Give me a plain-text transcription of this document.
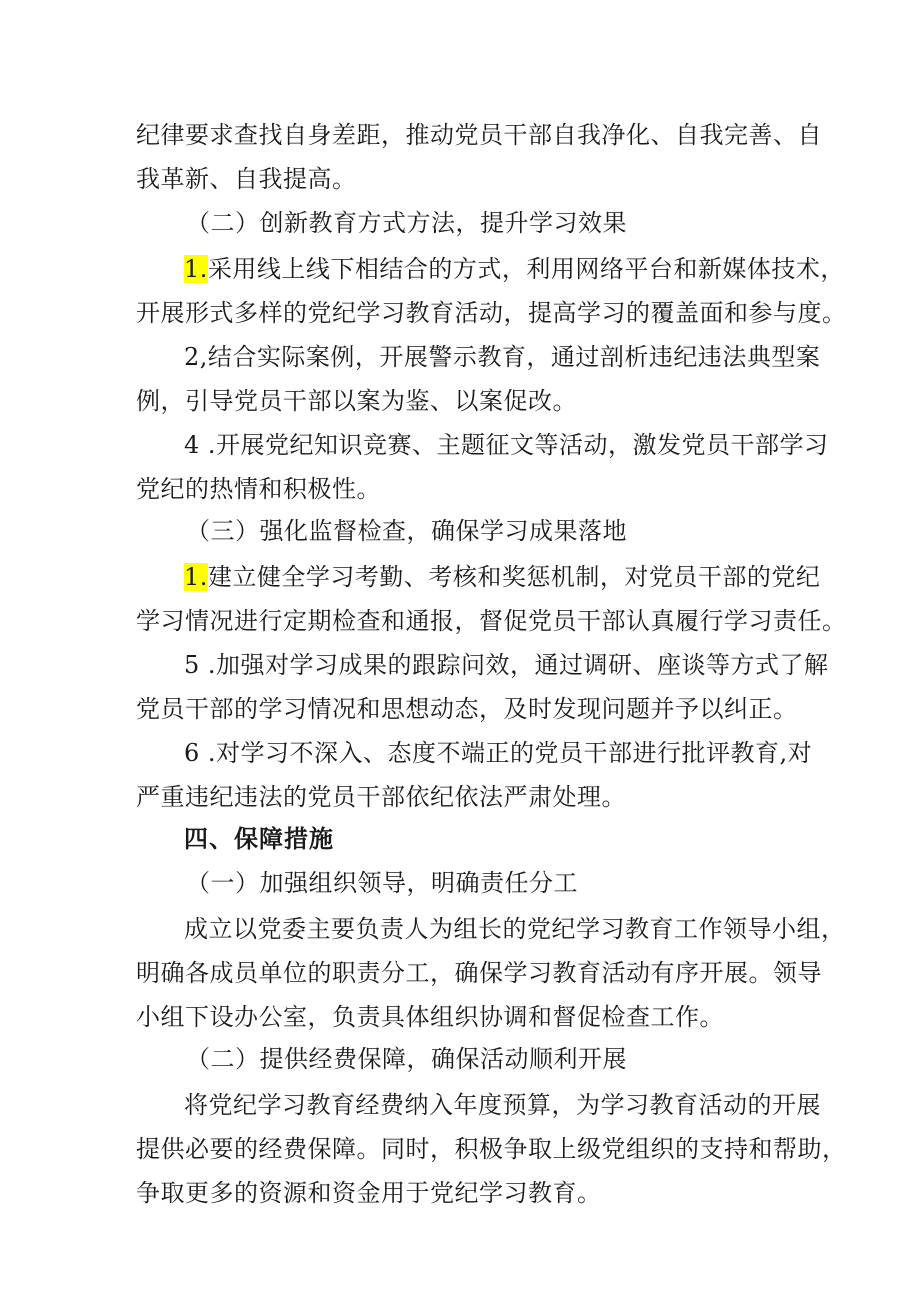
纪律要求查找自身差距，推动党员干部自我净化、自我完善、自
我革新、自我提高。
（二）创新教育方式方法，提升学习效果
1.采用线上线下相结合的方式，利用网络平台和新媒体技术，
开展形式多样的党纪学习教育活动，提高学习的覆盖面和参与度。
2,结合实际案例，开展警示教育，通过剖析违纪违法典型案
例，引导党员干部以案为鉴、以案促改。
4 .开展党纪知识竞赛、主题征文等活动，激发党员干部学习
党纪的热情和积极性。
（三）强化监督检查，确保学习成果落地
1.建立健全学习考勤、考核和奖惩机制，对党员干部的党纪
学习情况进行定期检查和通报，督促党员干部认真履行学习责任。
5 .加强对学习成果的跟踪问效，通过调研、座谈等方式了解
党员干部的学习情况和思想动态，及时发现问题并予以纠正。
6 .对学习不深入、态度不端正的党员干部进行批评教育,对
严重违纪违法的党员干部依纪依法严肃处理。
四、保障措施
（一）加强组织领导，明确责任分工
成立以党委主要负责人为组长的党纪学习教育工作领导小组，
明确各成员单位的职责分工，确保学习教育活动有序开展。领导
小组下设办公室，负责具体组织协调和督促检查工作。
（二）提供经费保障，确保活动顺利开展
将党纪学习教育经费纳入年度预算，为学习教育活动的开展
提供必要的经费保障。同时，积极争取上级党组织的支持和帮助，
争取更多的资源和资金用于党纪学习教育。
